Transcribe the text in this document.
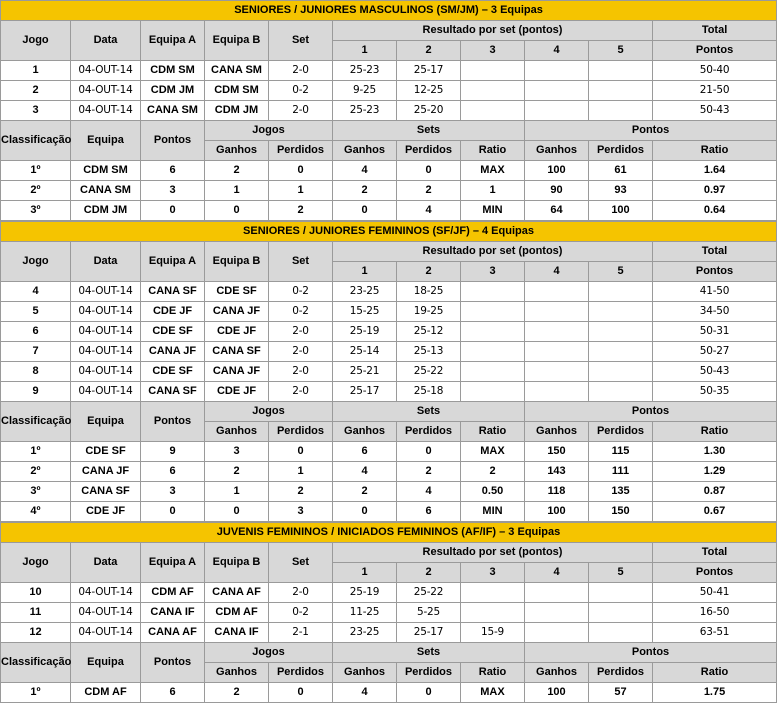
SENIORES / JUNIORES MASCULINOS (SM/JM) – 3 Equipas										
Jogo	Data	Equipa A	Equipa B	Set	Resultado por set (pontos)					Total
					1	2	3	4	5	Pontos
1	04-OUT-14	CDM SM	CANA SM	2-0	25-23	25-17				50-40
2	04-OUT-14	CDM JM	CDM SM	0-2	9-25	12-25				21-50
3	04-OUT-14	CANA SM	CDM JM	2-0	25-23	25-20				50-43
Classificação	Equipa	Pontos	Jogos		Sets			Pontos		
			Ganhos	Perdidos	Ganhos	Perdidos	Ratio	Ganhos	Perdidos	Ratio
1º	CDM SM	6	2	0	4	0	MAX	100	61	1.64
2º	CANA SM	3	1	1	2	2	1	90	93	0.97
3º	CDM JM	0	0	2	0	4	MIN	64	100	0.64
SENIORES / JUNIORES FEMININOS (SF/JF) – 4 Equipas										
Jogo	Data	Equipa A	Equipa B	Set	Resultado por set (pontos)					Total
					1	2	3	4	5	Pontos
4	04-OUT-14	CANA SF	CDE SF	0-2	23-25	18-25				41-50
5	04-OUT-14	CDE JF	CANA JF	0-2	15-25	19-25				34-50
6	04-OUT-14	CDE SF	CDE JF	2-0	25-19	25-12				50-31
7	04-OUT-14	CANA JF	CANA SF	2-0	25-14	25-13				50-27
8	04-OUT-14	CDE SF	CANA JF	2-0	25-21	25-22				50-43
9	04-OUT-14	CANA SF	CDE JF	2-0	25-17	25-18				50-35
Classificação	Equipa	Pontos	Jogos		Sets			Pontos		
			Ganhos	Perdidos	Ganhos	Perdidos	Ratio	Ganhos	Perdidos	Ratio
1º	CDE SF	9	3	0	6	0	MAX	150	115	1.30
2º	CANA JF	6	2	1	4	2	2	143	111	1.29
3º	CANA SF	3	1	2	2	4	0.50	118	135	0.87
4º	CDE JF	0	0	3	0	6	MIN	100	150	0.67
JUVENIS FEMININOS / INICIADOS FEMININOS (AF/IF) – 3 Equipas										
Jogo	Data	Equipa A	Equipa B	Set	Resultado por set (pontos)					Total
					1	2	3	4	5	Pontos
10	04-OUT-14	CDM AF	CANA AF	2-0	25-19	25-22				50-41
11	04-OUT-14	CANA IF	CDM AF	0-2	11-25	5-25				16-50
12	04-OUT-14	CANA AF	CANA IF	2-1	23-25	25-17	15-9			63-51
Classificação	Equipa	Pontos	Jogos		Sets			Pontos		
			Ganhos	Perdidos	Ganhos	Perdidos	Ratio	Ganhos	Perdidos	Ratio
1º	CDM AF	6	2	0	4	0	MAX	100	57	1.75
